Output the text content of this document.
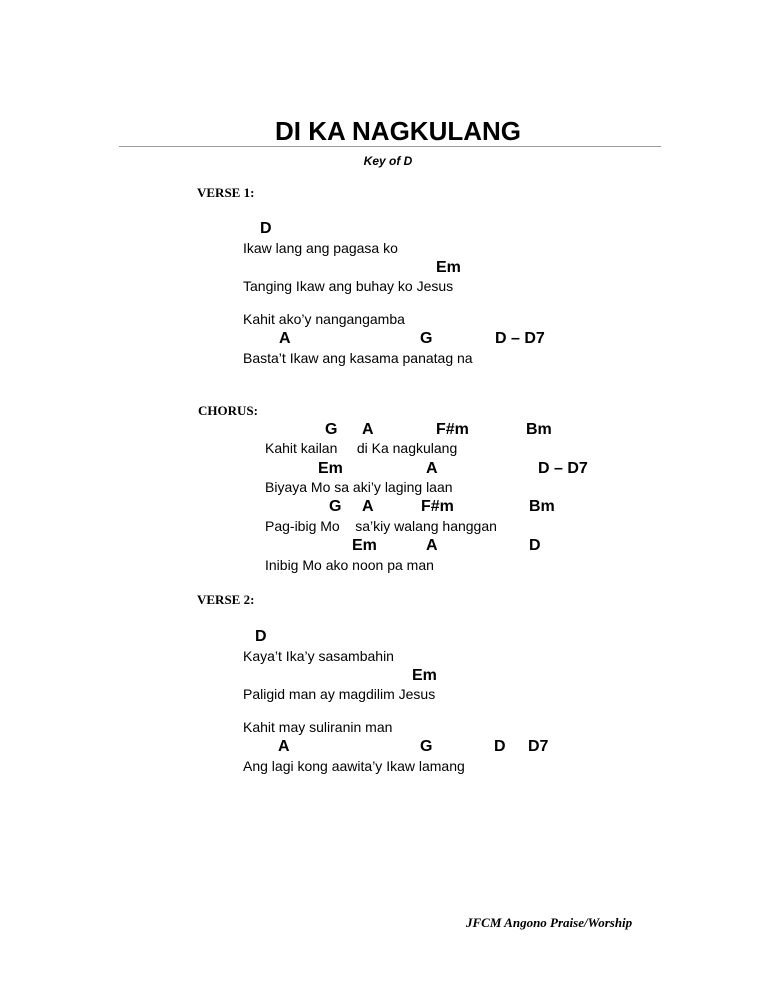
DI KA NAGKULANG
Key of D
VERSE 1:
D
Ikaw lang ang pagasa ko
Em
Tanging Ikaw ang buhay ko Jesus
Kahit ako’y nangangamba
A	G	D – D7
Basta’t Ikaw ang kasama panatag na
CHORUS:
G A	F#m	Bm
Kahit kailan     di Ka nagkulang
Em	A	D – D7
Biyaya Mo sa aki’y laging laan
G A	F#m	Bm
Pag-ibig Mo    sa’kiy walang hanggan
Em	A	D
Inibig Mo ako noon pa man
VERSE 2:
D
Kaya’t Ika’y sasambahin
Em
Paligid man ay magdilim Jesus
Kahit may suliranin man
A	G	D D7
Ang lagi kong aawita’y Ikaw lamang
JFCM Angono Praise/Worship
